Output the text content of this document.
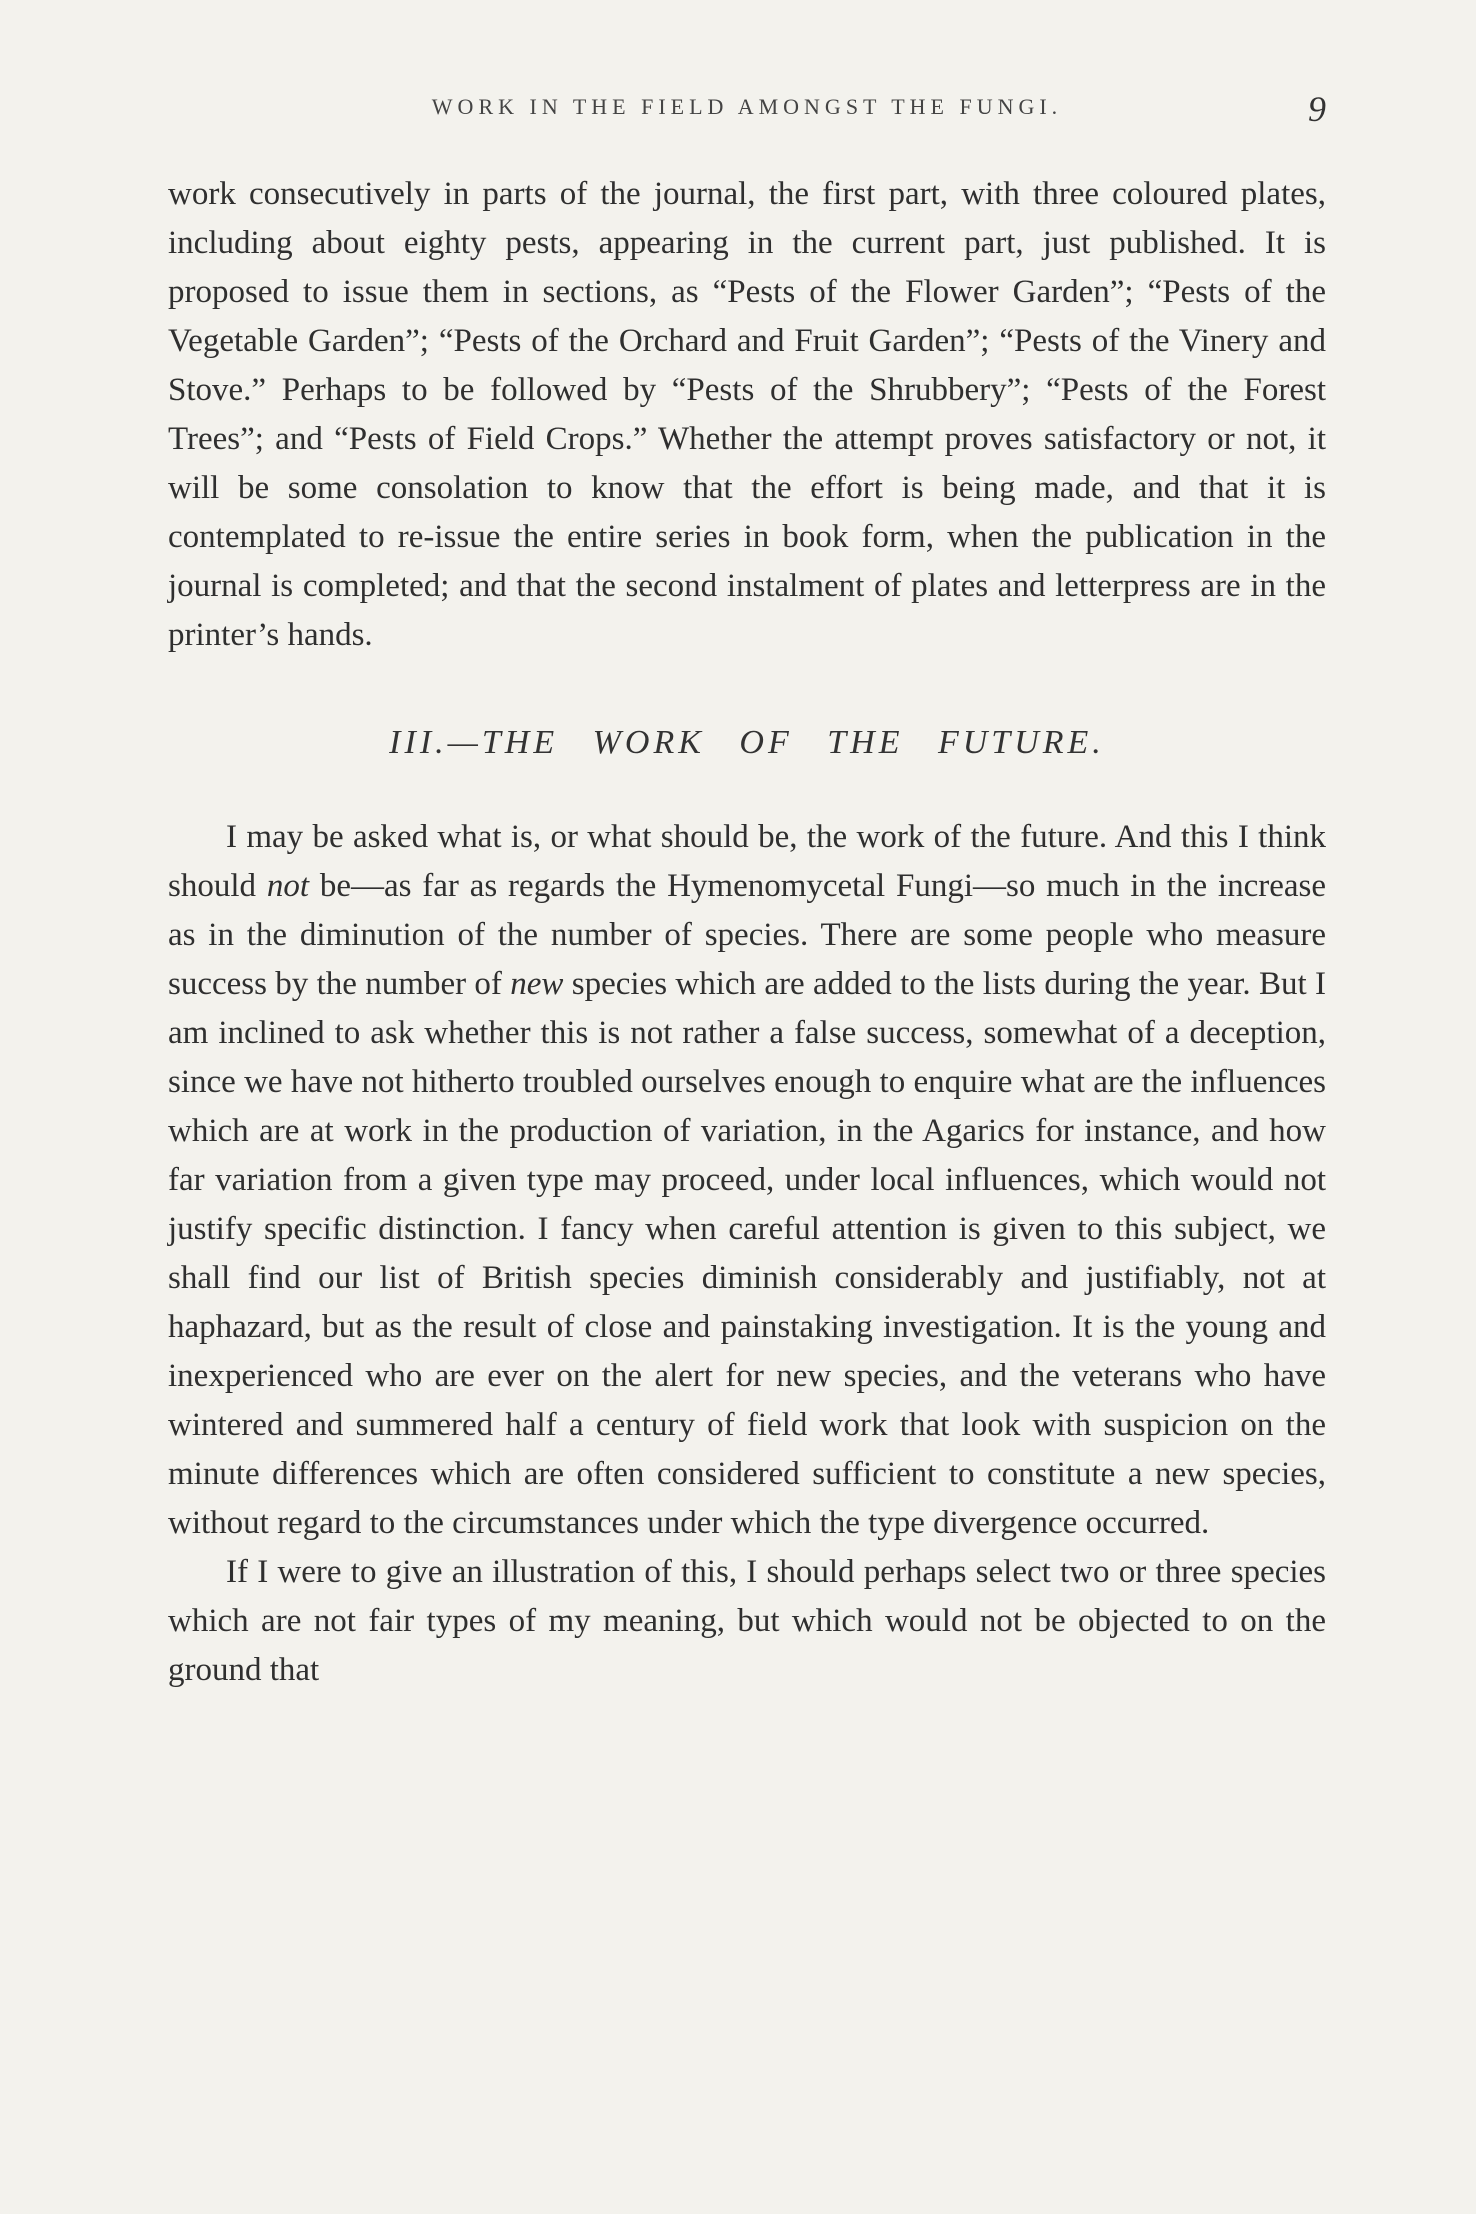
WORK IN THE FIELD AMONGST THE FUNGI.	9

work consecutively in parts of the journal, the first part, with three coloured plates, including about eighty pests, appearing in the current part, just published. It is proposed to issue them in sections, as “Pests of the Flower Garden”; “Pests of the Vegetable Garden”; “Pests of the Orchard and Fruit Garden”; “Pests of the Vinery and Stove.” Perhaps to be followed by “Pests of the Shrubbery”; “Pests of the Forest Trees”; and “Pests of Field Crops.” Whether the attempt proves satisfactory or not, it will be some consolation to know that the effort is being made, and that it is contemplated to re-issue the entire series in book form, when the publication in the journal is completed; and that the second instalment of plates and letterpress are in the printer’s hands.

III.—THE WORK OF THE FUTURE.

I may be asked what is, or what should be, the work of the future. And this I think should not be—as far as regards the Hymenomycetal Fungi—so much in the increase as in the diminution of the number of species. There are some people who measure success by the number of new species which are added to the lists during the year. But I am inclined to ask whether this is not rather a false success, somewhat of a deception, since we have not hitherto troubled ourselves enough to enquire what are the influences which are at work in the production of variation, in the Agarics for instance, and how far variation from a given type may proceed, under local influences, which would not justify specific distinction. I fancy when careful attention is given to this subject, we shall find our list of British species diminish considerably and justifiably, not at haphazard, but as the result of close and painstaking investigation. It is the young and inexperienced who are ever on the alert for new species, and the veterans who have wintered and summered half a century of field work that look with suspicion on the minute differences which are often considered sufficient to constitute a new species, without regard to the circumstances under which the type divergence occurred.

If I were to give an illustration of this, I should perhaps select two or three species which are not fair types of my meaning, but which would not be objected to on the ground that
